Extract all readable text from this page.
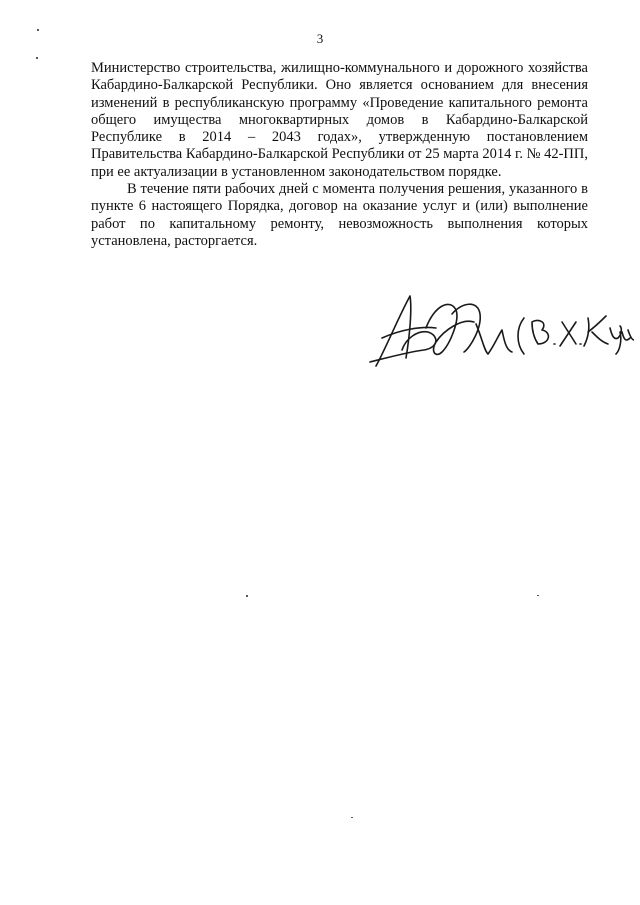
3

Министерство строительства, жилищно-коммунального и дорожного хозяйства Кабардино-Балкарской Республики. Оно является основанием для внесения изменений в республиканскую программу «Проведение капитального ремонта общего имущества многоквартирных домов в Кабардино-Балкарской Республике в 2014 – 2043 годах», утвержденную постановлением Правительства Кабардино-Балкарской Республики от 25 марта 2014 г. № 42-ПП, при ее актуализации в установленном законодательством порядке.

В течение пяти рабочих дней с момента получения решения, указанного в пункте 6 настоящего Порядка, договор на оказание услуг и (или) выполнение работ по капитальному ремонту, невозможность выполнения которых установлена, расторгается.
